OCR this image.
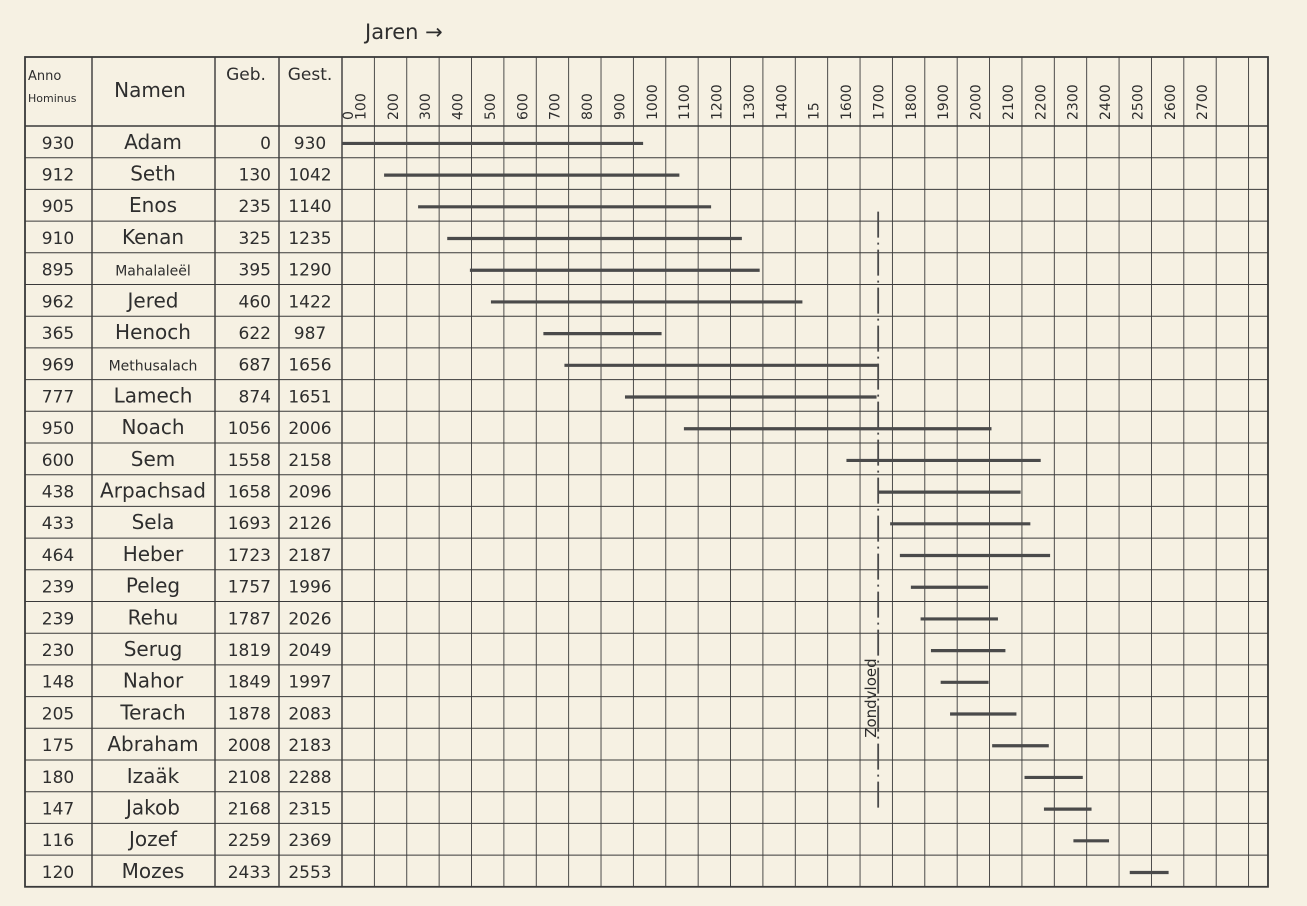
Jaren →
Anno
Hominus Namen
Geb. Gest.
0
100 200 300 400 500 600 700 800 900 1000 1100 1200 1300 1400 15 1600 1700 1800 1900 2000 2100 2200 2300 2400 2500 2600 2700
930 Adam	0 930
912	Seth	130 1042
905	Enos	235 1140
910 Kenan	325 1235
895	Mahalaleël	395 1290
962	Jered	460 1422
365 Henoch	622 987
969 Methusalach 687 1656
777 Lamech	874 1651
950 Noach	1056 2006
600	Sem	1558 2158
438 Arpachsad 1658 2096
433	Sela	1693 2126
464 Heber	1723 2187
239	Peleg	1757 1996
239	Rehu	1787 2026
230 Serug	1819 2049
148 Nahor	1849 1997
205 Terach 1878 2083
175 Abraham 2008 2183
180	Izaäk	2108 2288
147	Jakob	2168 2315
116	Jozef	2259 2369
120 Mozes	2433 2553
Zondvloed
